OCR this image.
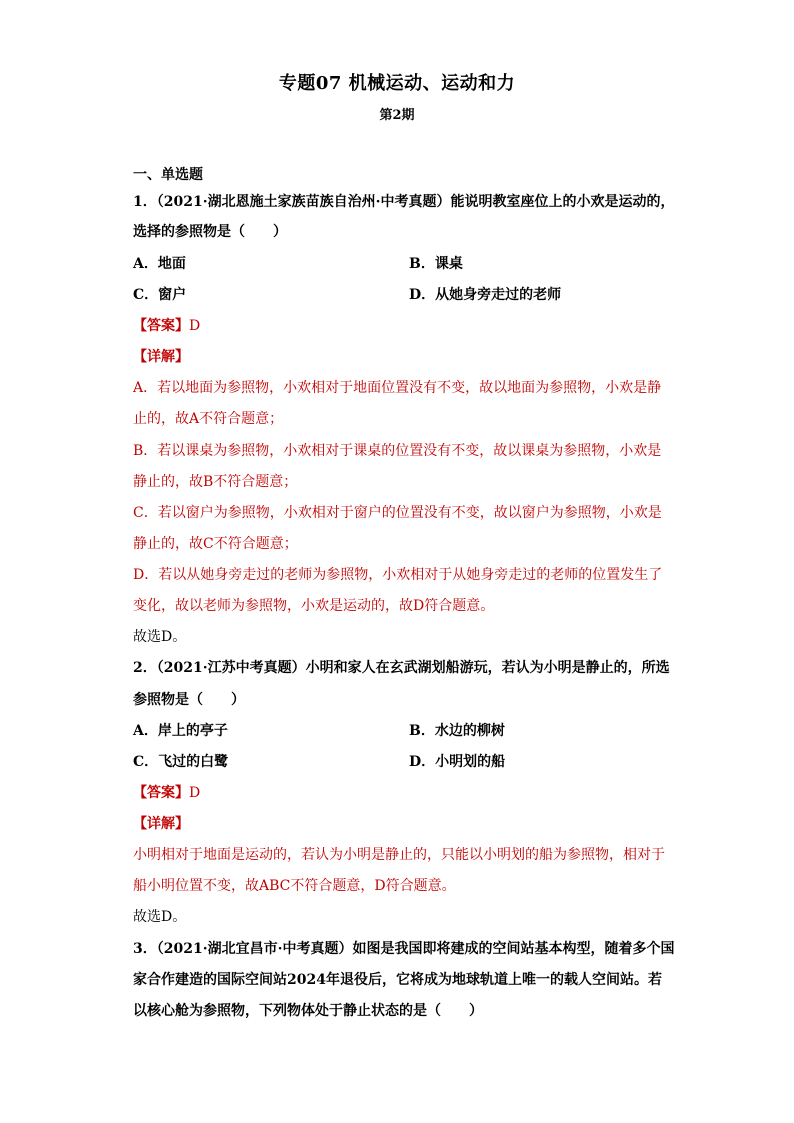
专题07 机械运动、运动和力
第2期
一、单选题
1．（2021·湖北恩施土家族苗族自治州·中考真题）能说明教室座位上的小欢是运动的，
选择的参照物是（　　）
A．地面	B．课桌
C．窗户	D．从她身旁走过的老师
【答案】D
【详解】
A．若以地面为参照物，小欢相对于地面位置没有不变，故以地面为参照物，小欢是静
止的，故A不符合题意；
B．若以课桌为参照物，小欢相对于课桌的位置没有不变，故以课桌为参照物，小欢是
静止的，故B不符合题意；
C．若以窗户为参照物，小欢相对于窗户的位置没有不变，故以窗户为参照物，小欢是
静止的，故C不符合题意；
D．若以从她身旁走过的老师为参照物，小欢相对于从她身旁走过的老师的位置发生了
变化，故以老师为参照物，小欢是运动的，故D符合题意。
故选D。
2．（2021·江苏中考真题）小明和家人在玄武湖划船游玩，若认为小明是静止的，所选
参照物是（　　）
A．岸上的亭子	B．水边的柳树
C．飞过的白鹭	D．小明划的船
【答案】D
【详解】
小明相对于地面是运动的，若认为小明是静止的，只能以小明划的船为参照物，相对于
船小明位置不变，故ABC不符合题意，D符合题意。
故选D。
3．（2021·湖北宜昌市·中考真题）如图是我国即将建成的空间站基本构型，随着多个国
家合作建造的国际空间站2024年退役后，它将成为地球轨道上唯一的载人空间站。若
以核心舱为参照物，下列物体处于静止状态的是（　　）
